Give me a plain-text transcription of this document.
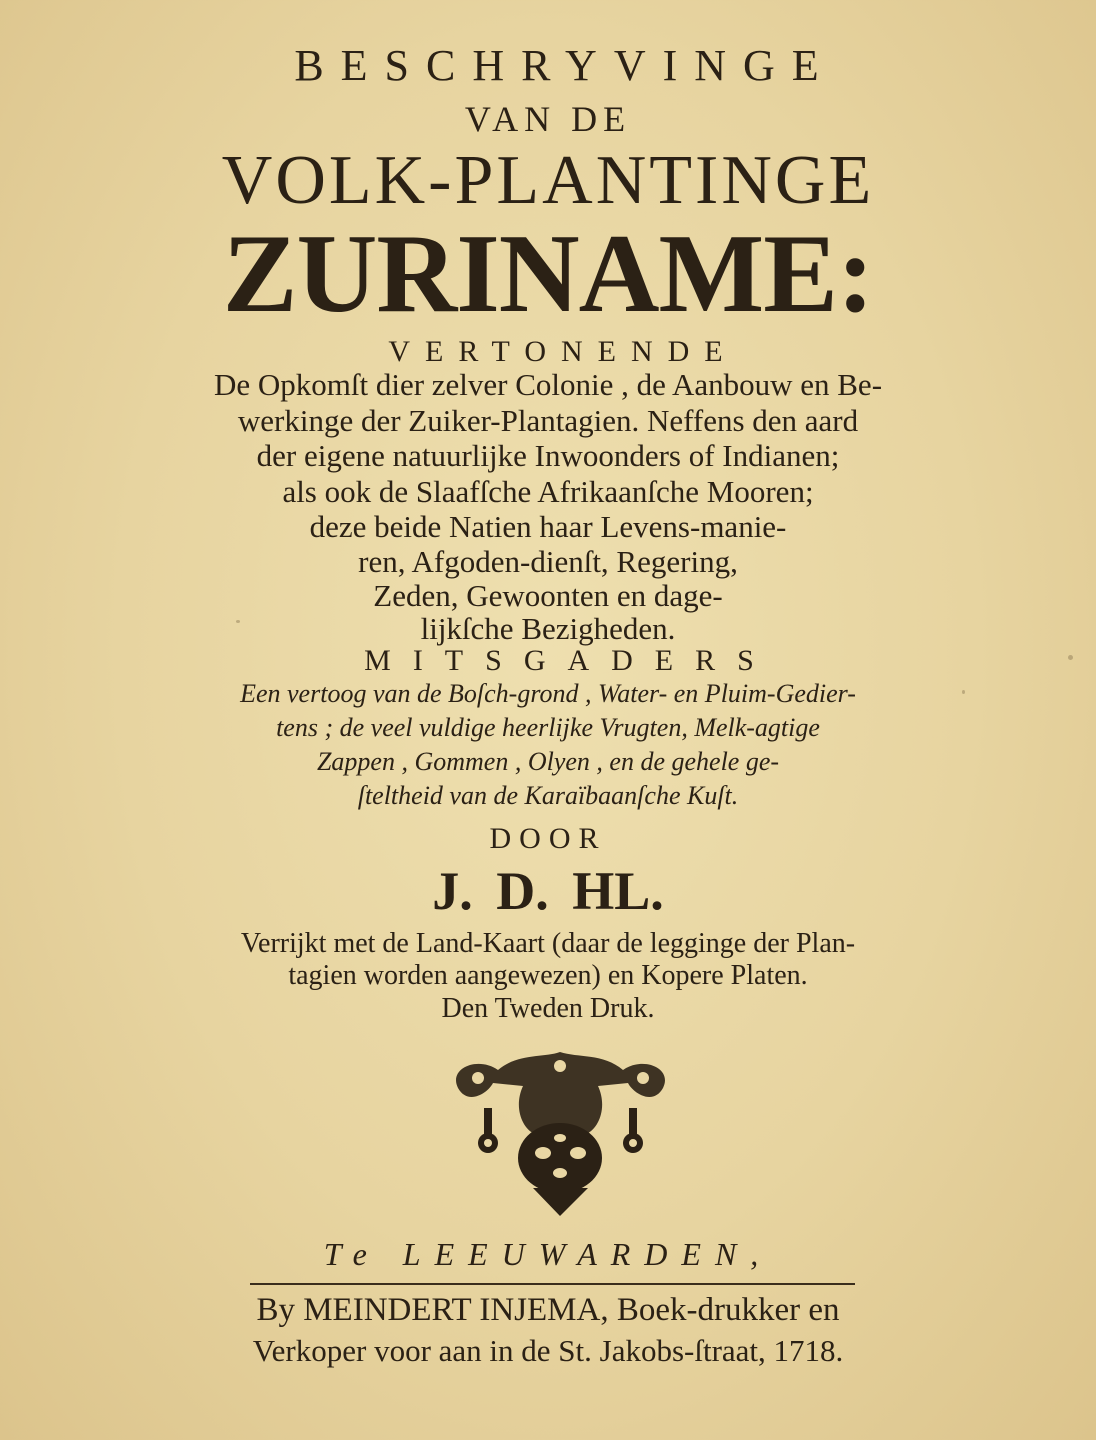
BESCHRYVINGE
VAN DE
VOLK-PLANTINGE
ZURINAME:
VERTONENDE
De Opkomſt dier zelver Colonie , de Aanbouw en Be-
werkinge der Zuiker-Plantagien. Neffens den aard
der eigene natuurlijke Inwoonders of Indianen;
als ook de Slaafſche Afrikaanſche Mooren;
deze beide Natien haar Levens-manie-
ren, Afgoden-dienſt, Regering,
Zeden, Gewoonten en dage-
lijkſche Bezigheden.
MITSGADERS
Een vertoog van de Boſch-grond , Water- en Pluim-Gedier-
tens ; de veel vuldige heerlijke Vrugten, Melk-agtige
Zappen , Gommen , Olyen , en de gehele ge-
ſteltheid van de Karaïbaanſche Kuſt.
DOOR
J. D. HL.
Verrijkt met de Land-Kaart (daar de legginge der Plan-
tagien worden aangewezen) en Kopere Platen.
Den Tweden Druk.
Te LEEUWARDEN,
By MEINDERT INJEMA, Boek-drukker en
Verkoper voor aan in de St. Jakobs-ſtraat, 1718.
